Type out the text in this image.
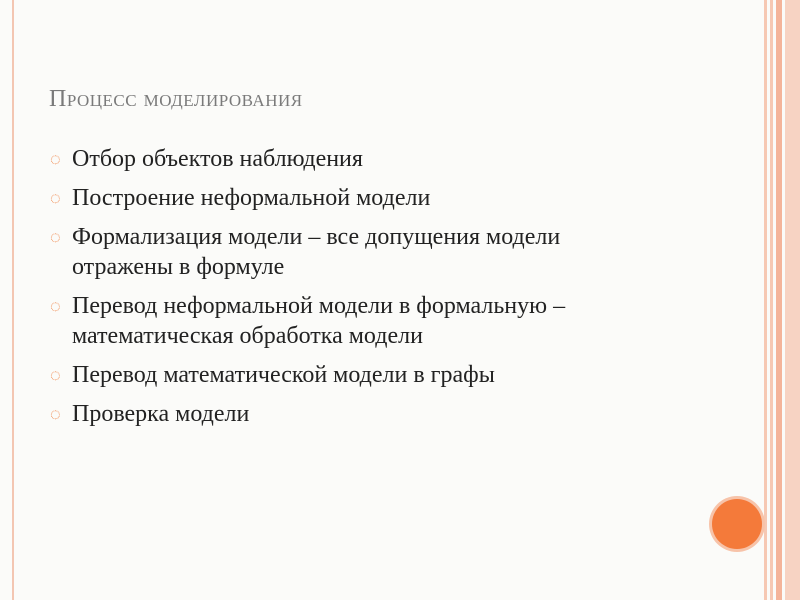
Процесс моделирования
◌ Отбор объектов наблюдения
◌ Построение неформальной модели
◌ Формализация модели – все допущения модели отражены в формуле
◌ Перевод неформальной модели в формальную – математическая обработка модели
◌ Перевод математической модели в графы
◌ Проверка модели
